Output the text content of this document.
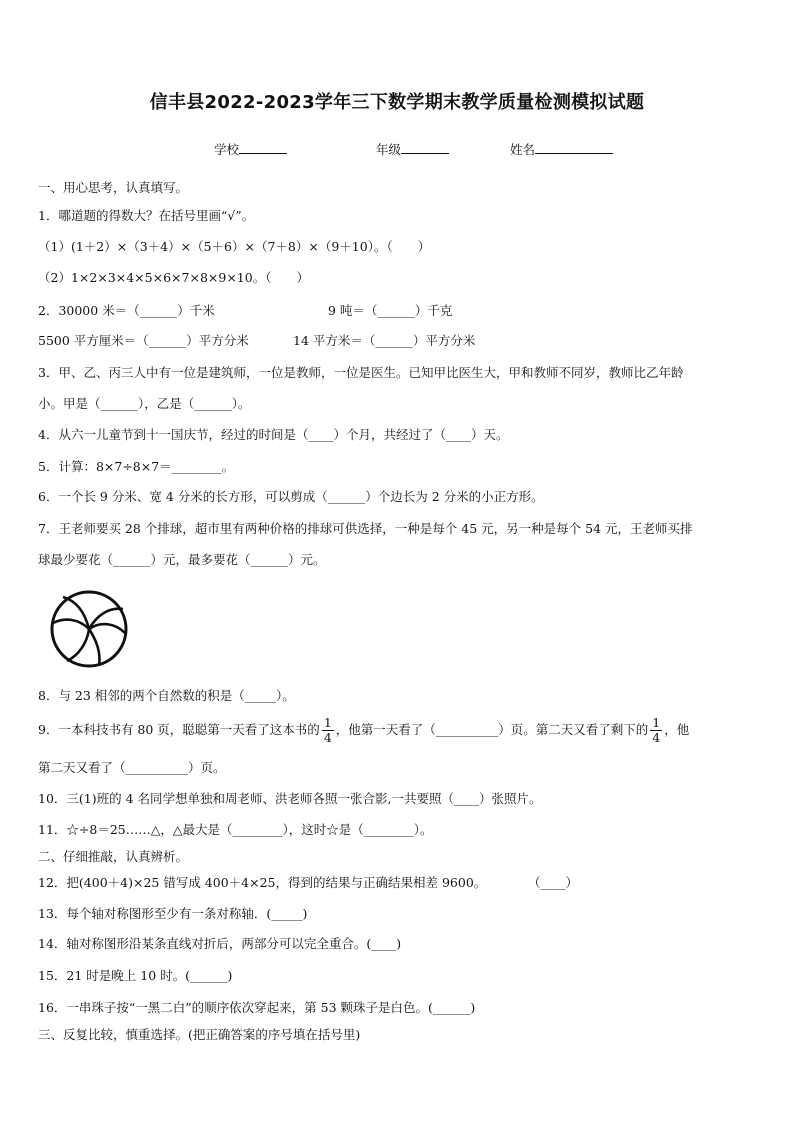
信丰县2022-2023学年三下数学期末教学质量检测模拟试题
学校	年级	姓名
一、用心思考，认真填写。
1．哪道题的得数大？在括号里画“√”。
（1）(1＋2）×（3＋4）×（5＋6）×（7＋8）×（9＋10）。（　　）
（2）1×2×3×4×5×6×7×8×9×10。（　　）
2．30000 米＝（______）千米	9 吨＝（______）千克
5500 平方厘米＝（______）平方分米	14 平方米＝（______）平方分米
3．甲、乙、丙三人中有一位是建筑师，一位是教师，一位是医生。已知甲比医生大，甲和教师不同岁，教师比乙年龄
小。甲是（______），乙是（______）。
4．从六一儿童节到十一国庆节，经过的时间是（____）个月，共经过了（____）天。
5．计算：8×7÷8×7＝________。
6．一个长 9 分米、宽 4 分米的长方形，可以剪成（______）个边长为 2 分米的小正方形。
7．王老师要买 28 个排球，超市里有两种价格的排球可供选择，一种是每个 45 元，另一种是每个 54 元，王老师买排
球最少要花（______）元，最多要花（______）元。
8．与 23 相邻的两个自然数的积是（_____）。
9．一本科技书有 80 页，聪聪第一天看了这本书的 $\frac{1}{4}$ ，他第一天看了（__________）页。第二天又看了剩下的 $\frac{1}{4}$ ，他
第二天又看了（__________）页。
10．三(1)班的 4 名同学想单独和周老师、洪老师各照一张合影,一共要照（____）张照片。
11．☆÷8＝25……△，△最大是（________），这时☆是（________）。
二、仔细推敲，认真辨析。
12．把(400＋4)×25 错写成 400＋4×25，得到的结果与正确结果相差 9600。	（____）
13．每个轴对称图形至少有一条对称轴．(_____)
14．轴对称图形沿某条直线对折后，两部分可以完全重合。(____)
15．21 时是晚上 10 时。(______)
16．一串珠子按“一黑二白”的顺序依次穿起来，第 53 颗珠子是白色。(______)
三、反复比较，慎重选择。(把正确答案的序号填在括号里)
